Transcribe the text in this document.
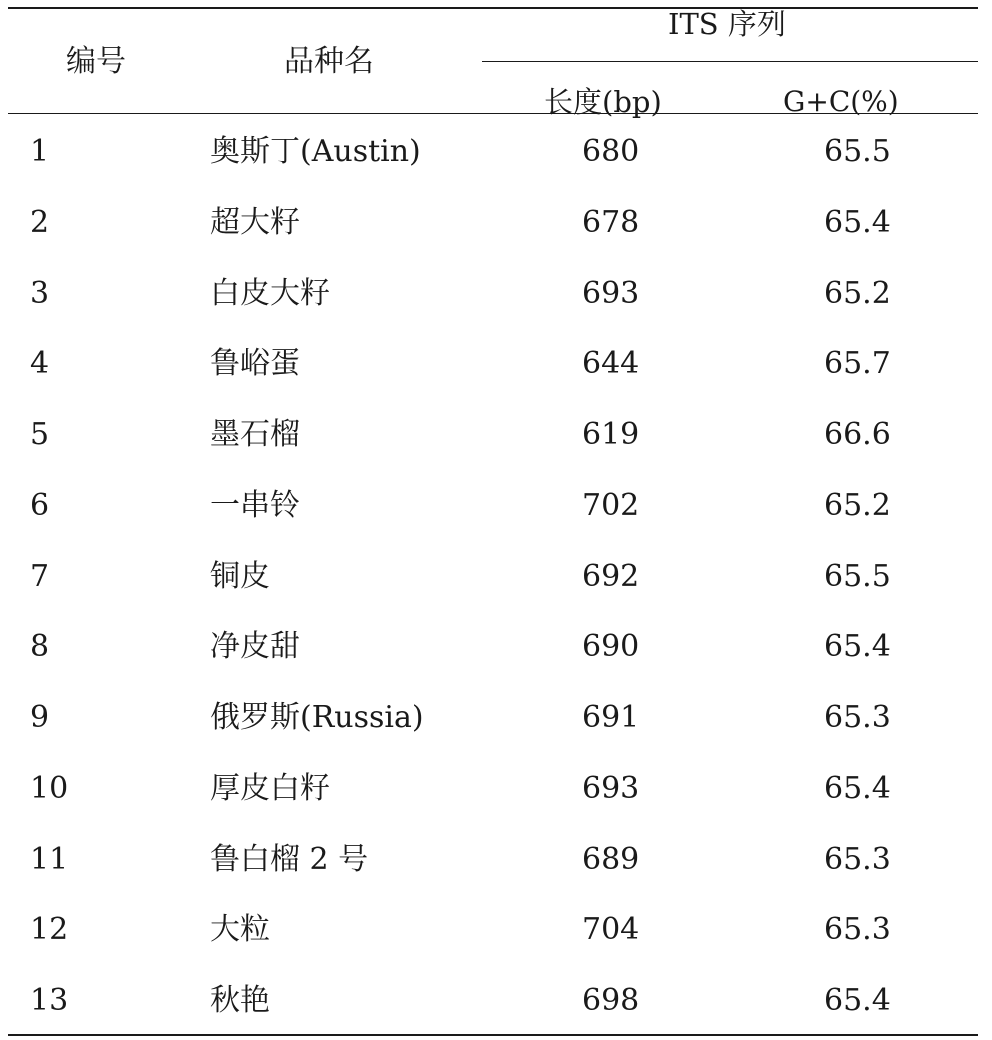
编号	品种名
ITS 序列
长度(bp)	G+C(%)
1	奥斯丁(Austin)	680	65.5
2	超大籽	678	65.4
3	白皮大籽	693	65.2
4	鲁峪蛋	644	65.7
5	墨石榴	619	66.6
6	一串铃	702	65.2
7	铜皮	692	65.5
8	净皮甜	690	65.4
9	俄罗斯(Russia)	691	65.3
10	厚皮白籽	693	65.4
11	鲁白榴 2 号	689	65.3
12	大粒	704	65.3
13	秋艳	698	65.4
